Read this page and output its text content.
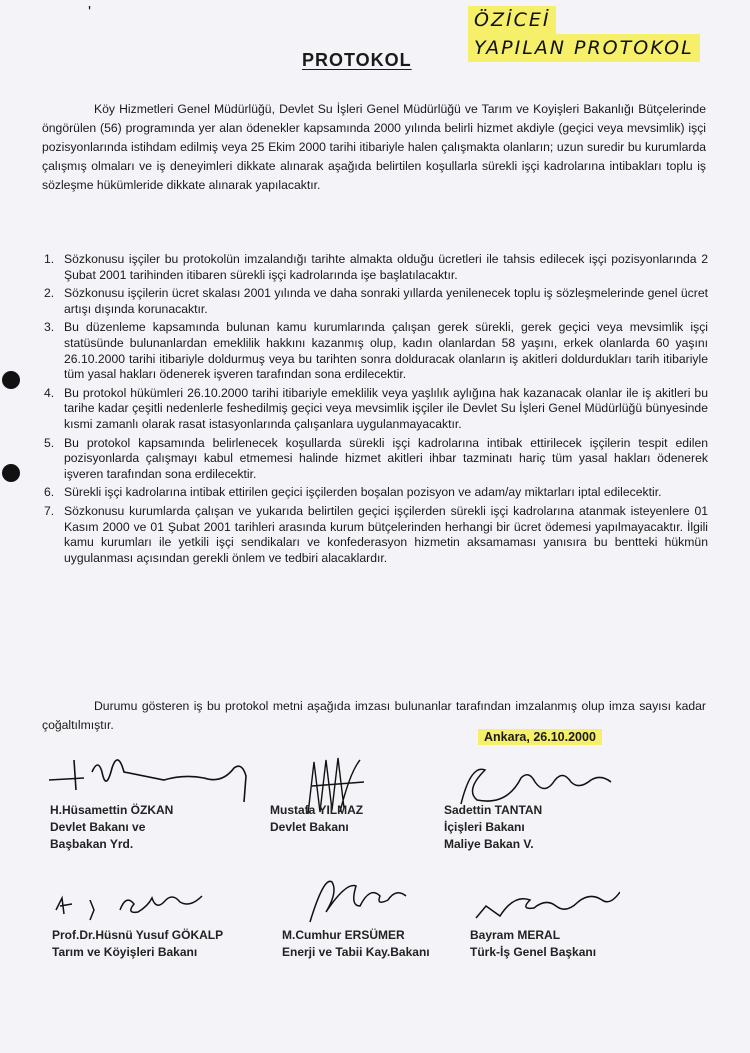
'
PROTOKOL
ÖZİCEİ
YAPILAN PROTOKOL

Köy Hizmetleri Genel Müdürlüğü, Devlet Su İşleri Genel Müdürlüğü ve Tarım ve Koyişleri Bakanlığı Bütçelerinde öngörülen (56) programında yer alan ödenekler kapsamında 2000 yılında belirli hizmet akdiyle (geçici veya mevsimlik) işçi pozisyonlarında istihdam edilmiş veya 25 Ekim 2000 tarihi itibariyle halen çalışmakta olanların; uzun suredir bu kurumlarda çalışmış olmaları ve iş deneyimleri dikkate alınarak aşağıda belirtilen koşullarla sürekli işçi kadrolarına intibakları toplu iş sözleşme hükümleride dikkate alınarak yapılacaktır.

1. Sözkonusu işçiler bu protokolün imzalandığı tarihte almakta olduğu ücretleri ile tahsis edilecek işçi pozisyonlarında 2 Şubat 2001 tarihinden itibaren sürekli işçi kadrolarında işe başlatılacaktır.
2. Sözkonusu işçilerin ücret skalası 2001 yılında ve daha sonraki yıllarda yenilenecek toplu iş sözleşmelerinde genel ücret artışı dışında korunacaktır.
3. Bu düzenleme kapsamında bulunan kamu kurumlarında çalışan gerek sürekli, gerek geçici veya mevsimlik işçi statüsünde bulunanlardan emeklilik hakkını kazanmış olup, kadın olanlardan 58 yaşını, erkek olanlarda 60 yaşını 26.10.2000 tarihi itibariyle doldurmuş veya bu tarihten sonra dolduracak olanların iş akitleri doldurdukları tarih itibariyle tüm yasal hakları ödenerek işveren tarafından sona erdilecektir.
4. Bu protokol hükümleri 26.10.2000 tarihi itibariyle emeklilik veya yaşlılık aylığına hak kazanacak olanlar ile iş akitleri bu tarihe kadar çeşitli nedenlerle feshedilmiş geçici veya mevsimlik işçiler ile Devlet Su İşleri Genel Müdürlüğü bünyesinde kısmi zamanlı olarak rasat istasyonlarında çalışanlara uygulanmayacaktır.
5. Bu protokol kapsamında belirlenecek koşullarda sürekli işçi kadrolarına intibak ettirilecek işçilerin tespit edilen pozisyonlarda çalışmayı kabul etmemesi halinde hizmet akitleri ihbar tazminatı hariç tüm yasal hakları ödenerek işveren tarafından sona erdilecektir.
6. Sürekli işçi kadrolarına intibak ettirilen geçici işçilerden boşalan pozisyon ve adam/ay miktarları iptal edilecektir.
7. Sözkonusu kurumlarda çalışan ve yukarıda belirtilen geçici işçilerden sürekli işçi kadrolarına atanmak isteyenlere 01 Kasım 2000 ve 01 Şubat 2001 tarihleri arasında kurum bütçelerinden herhangi bir ücret ödemesi yapılmayacaktır. İlgili kamu kurumları ile yetkili işçi sendikaları ve konfederasyon hizmetin aksamaması yanısıra bu bentteki hükmün uygulanması açısından gerekli önlem ve tedbiri alacaklardır.

Durumu gösteren iş bu protokol metni aşağıda imzası bulunanlar tarafından imzalanmış olup imza sayısı kadar çoğaltılmıştır.

Ankara, 26.10.2000
H.Hüsamettin ÖZKAN
Devlet Bakanı ve
Başbakan Yrd.
Mustafa YILMAZ
Devlet Bakanı
Sadettin TANTAN
İçişleri Bakanı
Maliye Bakan V.
Prof.Dr.Hüsnü Yusuf GÖKALP
Tarım ve Köyişleri Bakanı
M.Cumhur ERSÜMER
Enerji ve Tabii Kay.Bakanı
Bayram MERAL
Türk-İş Genel Başkanı
